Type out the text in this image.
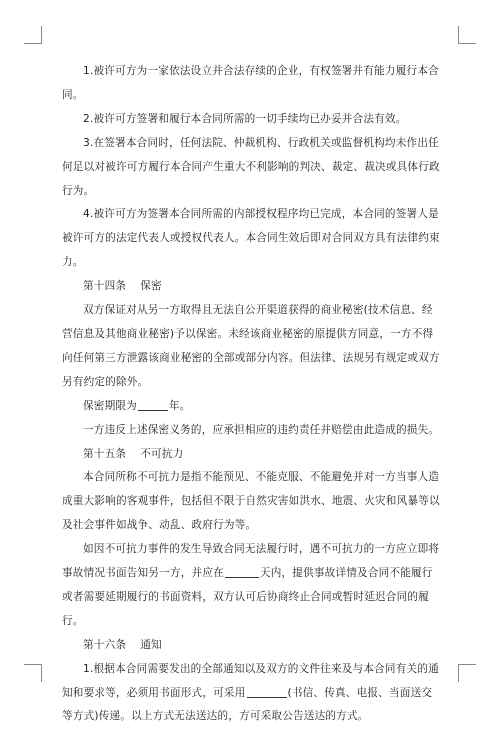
1.被许可方为一家依法设立并合法存续的企业，有权签署并有能力履行本合同。

2.被许可方签署和履行本合同所需的一切手续均已办妥并合法有效。

3.在签署本合同时，任何法院、仲裁机构、行政机关或监督机构均未作出任何足以对被许可方履行本合同产生重大不利影响的判决、裁定、裁决或具体行政行为。

4.被许可方为签署本合同所需的内部授权程序均已完成，本合同的签署人是被许可方的法定代表人或授权代表人。本合同生效后即对合同双方具有法律约束力。

第十四条 保密

双方保证对从另一方取得且无法自公开渠道获得的商业秘密(技术信息、经营信息及其他商业秘密)予以保密。未经该商业秘密的原提供方同意，一方不得向任何第三方泄露该商业秘密的全部或部分内容。但法律、法规另有规定或双方另有约定的除外。

保密期限为	年。

一方违反上述保密义务的，应承担相应的违约责任并赔偿由此造成的损失。

第十五条 不可抗力

本合同所称不可抗力是指不能预见、不能克服、不能避免并对一方当事人造成重大影响的客观事件，包括但不限于自然灾害如洪水、地震、火灾和风暴等以及社会事件如战争、动乱、政府行为等。

如因不可抗力事件的发生导致合同无法履行时，遇不可抗力的一方应立即将事故情况书面告知另一方，并应在	天内，提供事故详情及合同不能履行或者需要延期履行的书面资料，双方认可后协商终止合同或暂时延迟合同的履行。

第十六条 通知

1.根据本合同需要发出的全部通知以及双方的文件往来及与本合同有关的通知和要求等，必须用书面形式，可采用	(书信、传真、电报、当面送交等方式)传递。以上方式无法送达的，方可采取公告送达的方式。
